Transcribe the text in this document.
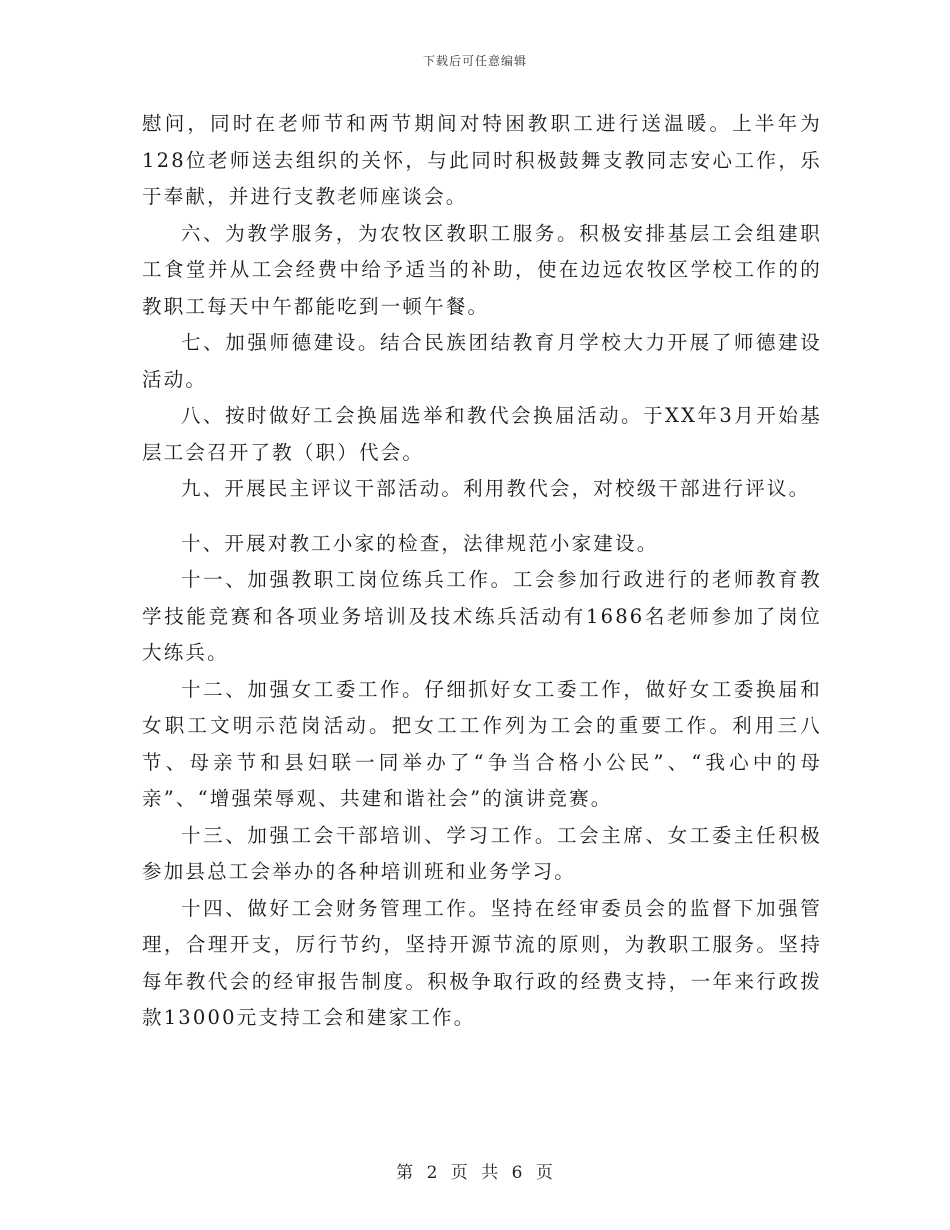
下载后可任意编辑

慰问，同时在老师节和两节期间对特困教职工进行送温暖。上半年为128位老师送去组织的关怀，与此同时积极鼓舞支教同志安心工作，乐于奉献，并进行支教老师座谈会。

六、为教学服务，为农牧区教职工服务。积极安排基层工会组建职工食堂并从工会经费中给予适当的补助，使在边远农牧区学校工作的的教职工每天中午都能吃到一顿午餐。

七、加强师德建设。结合民族团结教育月学校大力开展了师德建设活动。

八、按时做好工会换届选举和教代会换届活动。于XX年3月开始基层工会召开了教（职）代会。

九、开展民主评议干部活动。利用教代会，对校级干部进行评议。

十、开展对教工小家的检查，法律规范小家建设。

十一、加强教职工岗位练兵工作。工会参加行政进行的老师教育教学技能竞赛和各项业务培训及技术练兵活动有1686名老师参加了岗位大练兵。

十二、加强女工委工作。仔细抓好女工委工作，做好女工委换届和女职工文明示范岗活动。把女工工作列为工会的重要工作。利用三八节、母亲节和县妇联一同举办了“争当合格小公民”、“我心中的母亲”、“增强荣辱观、共建和谐社会”的演讲竞赛。

十三、加强工会干部培训、学习工作。工会主席、女工委主任积极参加县总工会举办的各种培训班和业务学习。

十四、做好工会财务管理工作。坚持在经审委员会的监督下加强管理，合理开支，厉行节约，坚持开源节流的原则，为教职工服务。坚持每年教代会的经审报告制度。积极争取行政的经费支持，一年来行政拨款13000元支持工会和建家工作。

第 2 页 共 6 页
